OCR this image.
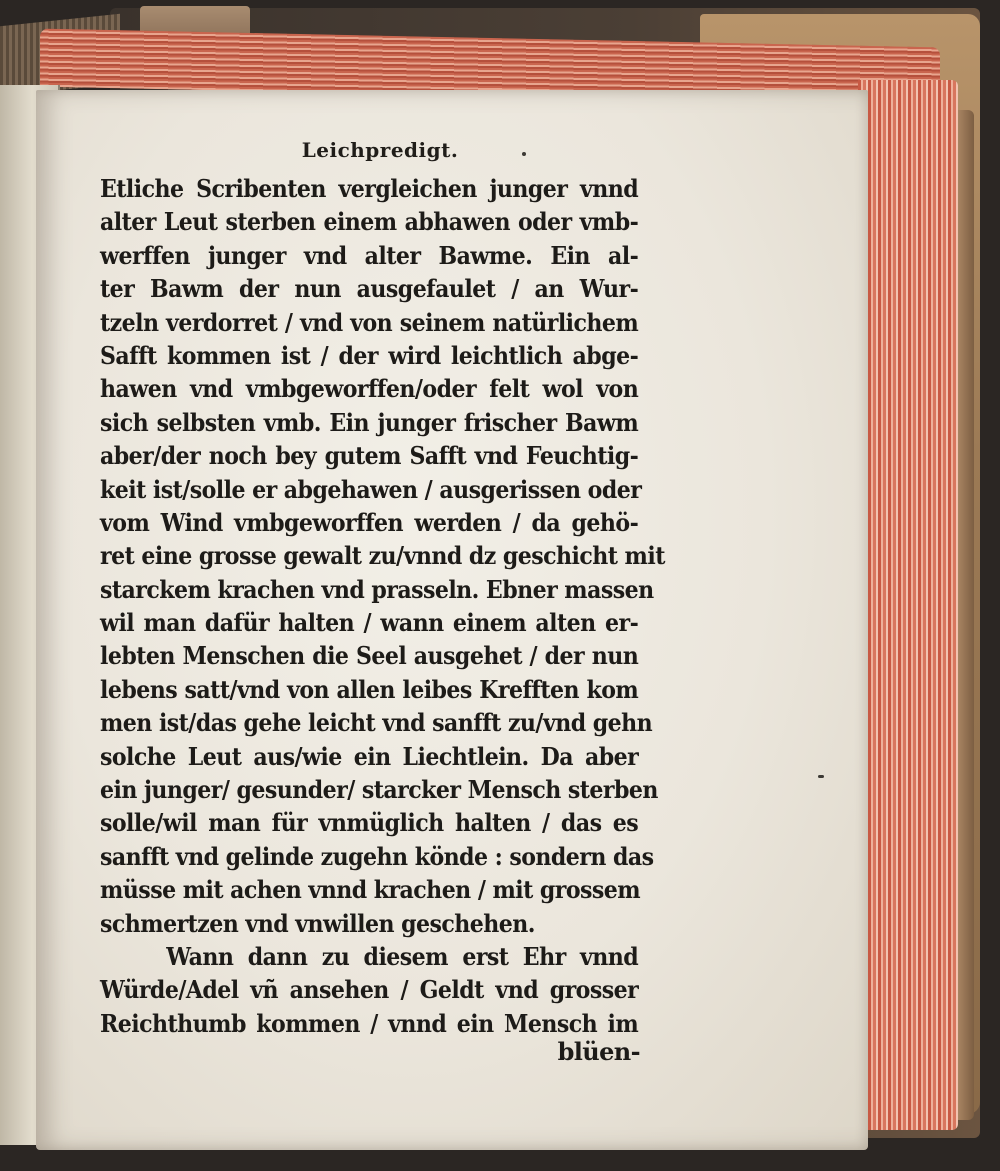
Leichpredigt.
Etliche Scribenten vergleichen junger vnnd
alter Leut sterben einem abhawen oder vmb-
werffen junger vnd alter Bawme. Ein al-
ter Bawm der nun ausgefaulet / an Wur-
tzeln verdorret / vnd von seinem natürlichem
Safft kommen ist / der wird leichtlich abge-
hawen vnd vmbgeworffen/oder felt wol von
sich selbsten vmb. Ein junger frischer Bawm
aber/der noch bey gutem Safft vnd Feuchtig-
keit ist/solle er abgehawen / ausgerissen oder
vom Wind vmbgeworffen werden / da gehö-
ret eine grosse gewalt zu/vnnd dz geschicht mit
starckem krachen vnd prasseln. Ebner massen
wil man dafür halten / wann einem alten er-
lebten Menschen die Seel ausgehet / der nun
lebens satt/vnd von allen leibes Krefften kom
men ist/das gehe leicht vnd sanfft zu/vnd gehn
solche Leut aus/wie ein Liechtlein. Da aber
ein junger/ gesunder/ starcker Mensch sterben
solle/wil man für vnmüglich halten / das es
sanfft vnd gelinde zugehn könde : sondern das
müsse mit achen vnnd krachen / mit grossem
schmertzen vnd vnwillen geschehen.
Wann dann zu diesem erst Ehr vnnd
Würde/Adel vñ ansehen / Geldt vnd grosser
Reichthumb kommen / vnnd ein Mensch im
blüen-
